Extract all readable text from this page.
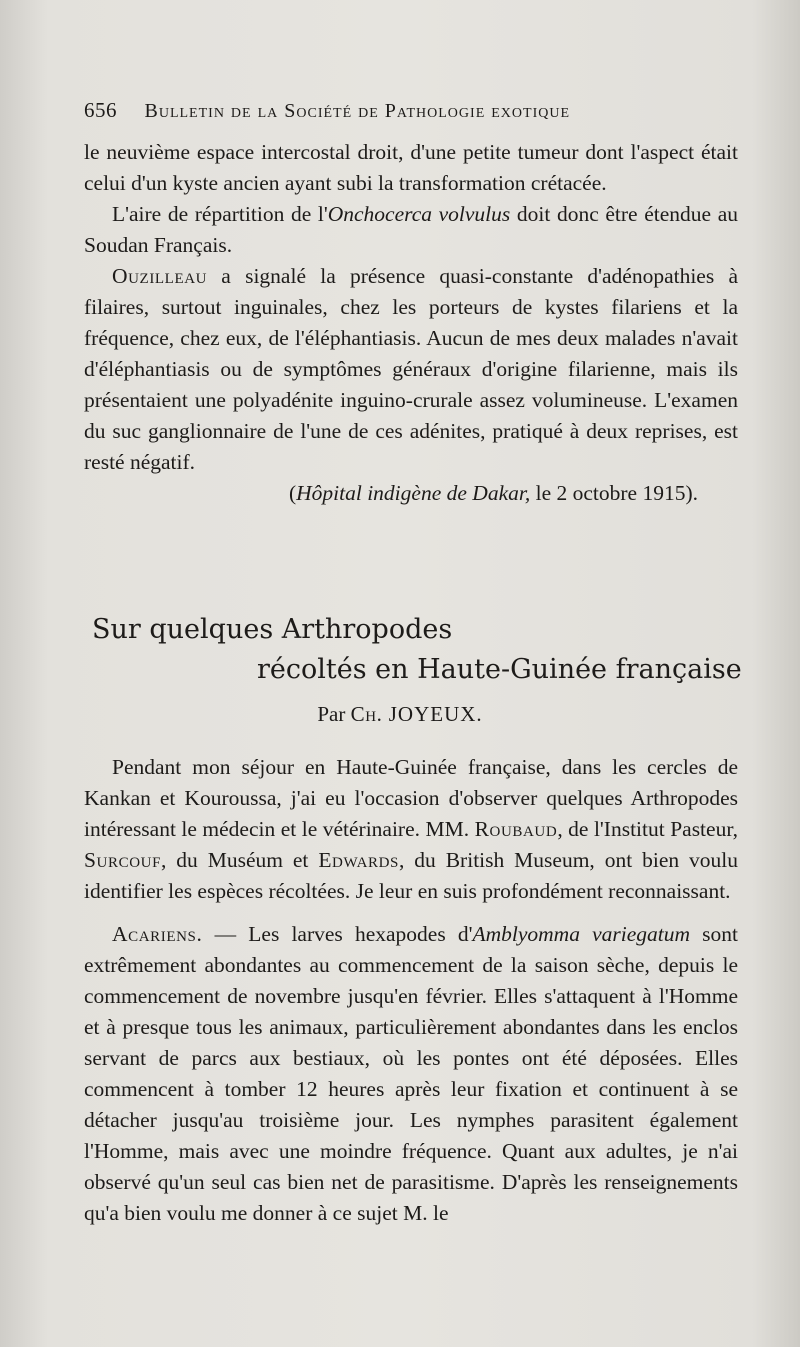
656 Bulletin de la Société de Pathologie exotique

le neuvième espace intercostal droit, d'une petite tumeur dont l'aspect était celui d'un kyste ancien ayant subi la transformation crétacée.

L'aire de répartition de l'Onchocerca volvulus doit donc être étendue au Soudan Français.

Ouzilleau a signalé la présence quasi-constante d'adénopathies à filaires, surtout inguinales, chez les porteurs de kystes filariens et la fréquence, chez eux, de l'éléphantiasis. Aucun de mes deux malades n'avait d'éléphantiasis ou de symptômes généraux d'origine filarienne, mais ils présentaient une polyadénite inguino-crurale assez volumineuse. L'examen du suc ganglionnaire de l'une de ces adénites, pratiqué à deux reprises, est resté négatif.

(Hôpital indigène de Dakar, le 2 octobre 1915).

Sur quelques Arthropodes
récoltés en Haute-Guinée française
Par Ch. JOYEUX.

Pendant mon séjour en Haute-Guinée française, dans les cercles de Kankan et Kouroussa, j'ai eu l'occasion d'observer quelques Arthropodes intéressant le médecin et le vétérinaire. MM. Roubaud, de l'Institut Pasteur, Surcouf, du Muséum et Edwards, du British Museum, ont bien voulu identifier les espèces récoltées. Je leur en suis profondément reconnaissant.

Acariens. — Les larves hexapodes d'Amblyomma variegatum sont extrêmement abondantes au commencement de la saison sèche, depuis le commencement de novembre jusqu'en février. Elles s'attaquent à l'Homme et à presque tous les animaux, particulièrement abondantes dans les enclos servant de parcs aux bestiaux, où les pontes ont été déposées. Elles commencent à tomber 12 heures après leur fixation et continuent à se détacher jusqu'au troisième jour. Les nymphes parasitent également l'Homme, mais avec une moindre fréquence. Quant aux adultes, je n'ai observé qu'un seul cas bien net de parasitisme. D'après les renseignements qu'a bien voulu me donner à ce sujet M. le
